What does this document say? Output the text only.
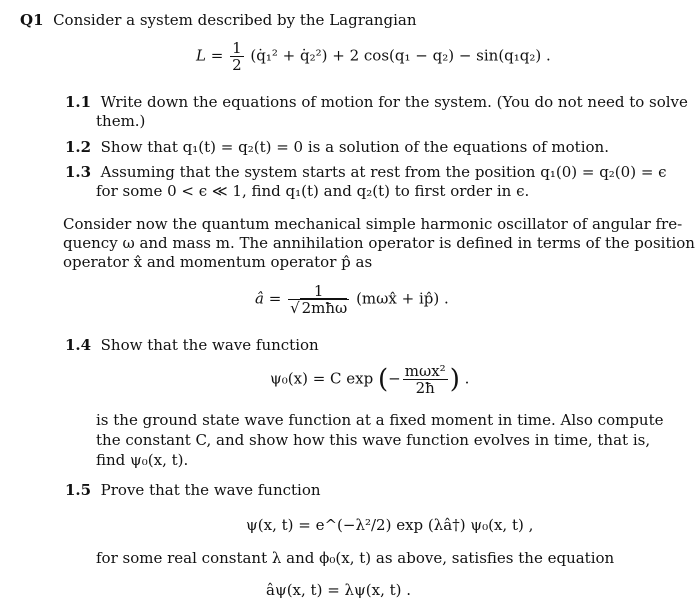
Q1 Consider a system described by the Lagrangian
$L = \frac{1}{2}$ (q̇₁² + q̇₂²) + 2 cos(q₁ − q₂) − sin(q₁q₂) .
1.1 Write down the equations of motion for the system. (You do not need to solve
them.)
1.2 Show that q₁(t) = q₂(t) = 0 is a solution of the equations of motion.
1.3 Assuming that the system starts at rest from the position q₁(0) = q₂(0) = ϵ
for some 0 < ϵ ≪ 1, find q₁(t) and q₂(t) to first order in ϵ.
Consider now the quantum mechanical simple harmonic oscillator of angular fre-
quency ω and mass m. The annihilation operator is defined in terms of the position
operator x̂ and momentum operator p̂ as
â = $\frac{1}{\text{√ 2mħω}}$ (mωx̂ + ip̂) .
1.4 Show that the wave function
ψ₀(x) = C exp (− $\frac{\text{mωx²}}{2ħ}$ ) .
is the ground state wave function at a fixed moment in time. Also compute
the constant C, and show how this wave function evolves in time, that is,
find ψ₀(x, t).
1.5 Prove that the wave function
ψ(x, t) = e^(−λ²/2) exp (λâ†) ψ₀(x, t) ,
for some real constant λ and ϕ₀(x, t) as above, satisfies the equation
âψ(x, t) = λψ(x, t) .
